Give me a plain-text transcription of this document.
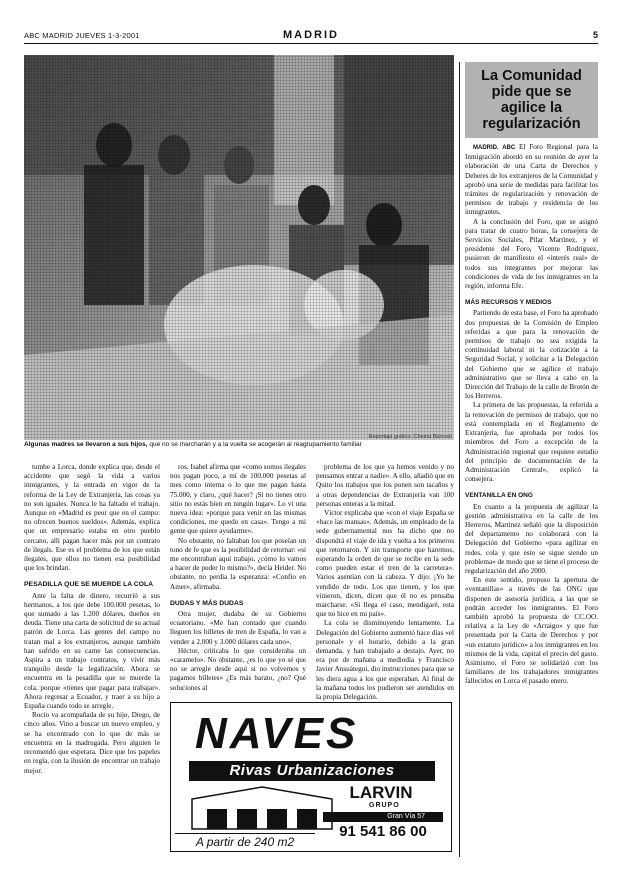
ABC MADRID JUEVES 1-3-2001	MADRID	5
Reportaje gráfico: Chema Barroso
Algunas madres se llevaron a sus hijos, que no se marcharán y a la vuelta se acogerán al reagrupamiento familiar

tumbe a Lorca, donde explica que, desde el accidente que segó la vida a varios inmigrantes, y la entrada en vigor de la reforma de la Ley de Extranjería, las cosas ya no son iguales. Nunca le ha faltado el trabajo. Aunque en «Madrid es peor que en el campo: no ofrecen buenos sueldos». Además, explica que un empresario estaba en otro pueblo cercano, allí pagan hacer más por un contrato de ilegals. Ese es el problema de los que están ilegales, que ellos no tienen esa posibilidad que los brindan.

PESADILLA QUE SE MUERDE LA COLA

Ante la falta de dinero, recurrió a sus hermanos, a los que debe 100.000 pesetas, lo que sumado a las 1.200 dólares, dueños en deuda. Tiene una carta de solicitud de su actual patrón de Lorca. Las gentes del campo no tratan mal a los extranjeros, aunque también han sufrido en su carne las consecuencias. Aspira a un trabajo contratos, y vivir más tranquilo desde la legalización. Ahora se encuentra en la pesadilla que se muerde la cola, porque «tienes que pagar para trabajar». Ahora regresar a Ecuador, y traer a su hijo a España cuando todo se arregle.

Rocío va acompañada de su hijo, Diego, de cinco años. Vino a buscar un nuevo empleo, y se ha encontrado con lo que de más se encuentra en la madrugada. Pero alguien le recomendó que esperara. Dice que los papeles en regla, con la ilusión de encontrar un trabajo mejor.

ros. Isabel afirma que «como somos ilegales nos pagan poco, a mí de 100.000 pesetas al mes como interna o lo que me pagan hasta 75.000, y claro, ¿qué hacer? ¡Si no tienes otro sitio no estás bien en ningún lugar». Lo vi una nueva idea: «porque para venir en las mismas condiciones, me quedo en casa». Tengo a mi gente que quiere ayudarme».

No obstante, no faltaban los que poseían un tono de fe que es la posibilidad de retornar: «si me encontraban aquí trabajo, ¿cómo lo vamos a hacer de poder lo mismo?», decía Heider. No obstante, no perdía la esperanza: «Confío en Amer», afirmaba.

DUDAS Y MÁS DUDAS

Otra mujer, dudaba de su Gobierno ecuatoriano. «Me han contado que cuando lleguen los billetes de tren de España, lo van a vender a 2.000 y 3.000 dólares cada uno».

Héctor, criticaba lo que consideraba un «caramelo». No obstante, ¿es lo que yo sé que no se arregle desde aquí si no volvemos y pagamos billetes» ¿Es más barato, ¿no? Qué soluciones al

problema de los que ya hemos venido y no pensamos entrar a nadie». A ello, añadió que en Quito los trabajos que los ponen son tacaños y a otras dependencias de Extranjería van 100 personas enteras a la mitad.

Víctor explicaba que «con el viaje España se «hace las mansas». Además, un empleado de la sede gubernamental nos ha dicho que no dispondrá el viaje de ida y vuelta a los primeros que retornaron. Y sin transporte que haremos, esperando la orden de que se recibe en la sede como pueden estar el tren de la carretera». Varios asentían con la cabeza. Y dijo: ¡Yo he vendido de todo. Los que tienen, y los que vinieron, dicen, dicen que él no es pensaba marcharse. «Si llega el caso, mendigaré, esta que no hice en mi país».

La cola se disminuyendo lentamente. La Delegación del Gobierno aumentó hace días «el personal» y el horario, debido a la gran demanda, y han trabajado a destajo. Ayer, no era por de mañana a mediodía y Francisco Javier Ansuátegui, dio instrucciones para que se les diera agua a los que esperaban. Al final de la mañana todos los pudieron ser atendidos en la propia Delegación.

NAVES
Rivas Urbanizaciones
LARVIN
GRUPO
Gran Vía 57
91 541 86 00
A partir de 240 m2
La Comunidad pide que se agilice la regularización

MADRID. ABC El Foro Regional para la Inmigración abordó en su reunión de ayer la elaboración de una Carta de Derechos y Deberes de los extranjeros de la Comunidad y aprobó una serie de medidas para facilitar los trámites de regularización y renovación de permisos de trabajo y residencia de los inmigrantes.

A la conclusión del Foro, que se asignó para tratar de cuatro horas, la consejera de Servicios Sociales, Pilar Martínez, y el presidente del Foro, Vicente Rodríguez, pusieron de manifiesto el «interés real» de todos sus integrantes por mejorar las condiciones de vida de los inmigrantes en la región, informa Efe.

MÁS RECURSOS Y MEDIOS

Partiendo de esta base, el Foro ha aprobado dos propuestas de la Comisión de Empleo referidas a que para la renovación de permisos de trabajo no sea exigida la continuidad laboral ni la cotización a la Seguridad Social, y solicitar a la Delegación del Gobierno que se agilice el trabajo administrativo que se lleva a cabo en la Dirección del Trabajo de la calle de Brotón de los Herreros.

La primera de las propuestas, la referida a la renovación de permisos de trabajo, que no está contemplada en el Reglamento de Extranjería, fue aprobada por todos los miembros del Foro a excepción de la Administración regional que requiere estudio del principio de documentación de la Administración Central», explicó la consejera.

VENTANILLA EN ONG

En cuanto a la propuesta de agilizar la gestión administrativa en la calle de los Herreros, Martínez señaló que la disposición del departamento no colaborará con la Delegación del Gobierno «para agilizar en redes, cola y que esto se sigue siendo un problema» de modo que se tiene el proceso de regularización del año 2000.

En este sentido, propuso la apertura de «ventanillas» a través de las ONG que disponen de asesoría jurídica, a las que se podrán acceder los inmigrantes. El Foro también aprobó la propuesta de CC.OO. relativa a la Ley de «Arraigo» y que fue presentada por la Carta de Derechos y por «un estatuto jurídico» a los inmigrantes en los mismos de la vida, capital el precio del gasto. Asimismo, el Foro se solidarizó con los familiares de los trabajadores inmigrantes fallecidos en Lorca el pasado enero.
